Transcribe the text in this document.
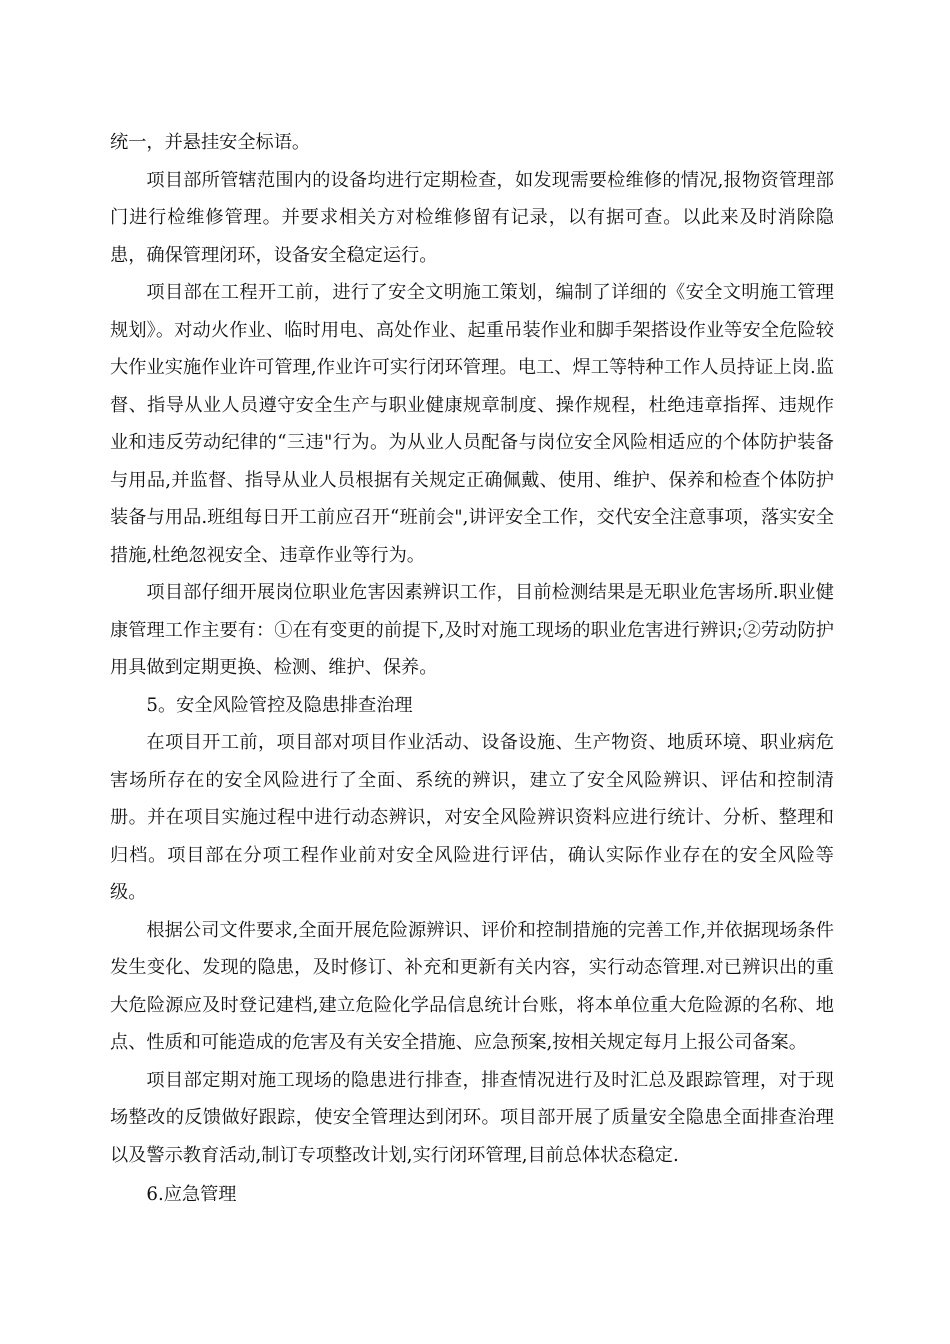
统一，并悬挂安全标语。

项目部所管辖范围内的设备均进行定期检查，如发现需要检维修的情况,报物资管理部门进行检维修管理。并要求相关方对检维修留有记录，以有据可查。以此来及时消除隐患，确保管理闭环，设备安全稳定运行。

项目部在工程开工前，进行了安全文明施工策划，编制了详细的《安全文明施工管理规划》。对动火作业、临时用电、高处作业、起重吊装作业和脚手架搭设作业等安全危险较大作业实施作业许可管理,作业许可实行闭环管理。电工、焊工等特种工作人员持证上岗.监督、指导从业人员遵守安全生产与职业健康规章制度、操作规程，杜绝违章指挥、违规作业和违反劳动纪律的“三违"行为。为从业人员配备与岗位安全风险相适应的个体防护装备与用品,并监督、指导从业人员根据有关规定正确佩戴、使用、维护、保养和检查个体防护装备与用品.班组每日开工前应召开“班前会",讲评安全工作，交代安全注意事项，落实安全措施,杜绝忽视安全、违章作业等行为。

项目部仔细开展岗位职业危害因素辨识工作，目前检测结果是无职业危害场所.职业健康管理工作主要有：①在有变更的前提下,及时对施工现场的职业危害进行辨识;②劳动防护用具做到定期更换、检测、维护、保养。

5。安全风险管控及隐患排查治理

在项目开工前，项目部对项目作业活动、设备设施、生产物资、地质环境、职业病危害场所存在的安全风险进行了全面、系统的辨识，建立了安全风险辨识、评估和控制清册。并在项目实施过程中进行动态辨识，对安全风险辨识资料应进行统计、分析、整理和归档。项目部在分项工程作业前对安全风险进行评估，确认实际作业存在的安全风险等级。

根据公司文件要求,全面开展危险源辨识、评价和控制措施的完善工作,并依据现场条件发生变化、发现的隐患，及时修订、补充和更新有关内容，实行动态管理.对已辨识出的重大危险源应及时登记建档,建立危险化学品信息统计台账，将本单位重大危险源的名称、地点、性质和可能造成的危害及有关安全措施、应急预案,按相关规定每月上报公司备案。

项目部定期对施工现场的隐患进行排查，排查情况进行及时汇总及跟踪管理，对于现场整改的反馈做好跟踪，使安全管理达到闭环。项目部开展了质量安全隐患全面排查治理以及警示教育活动,制订专项整改计划,实行闭环管理,目前总体状态稳定.

6.应急管理
